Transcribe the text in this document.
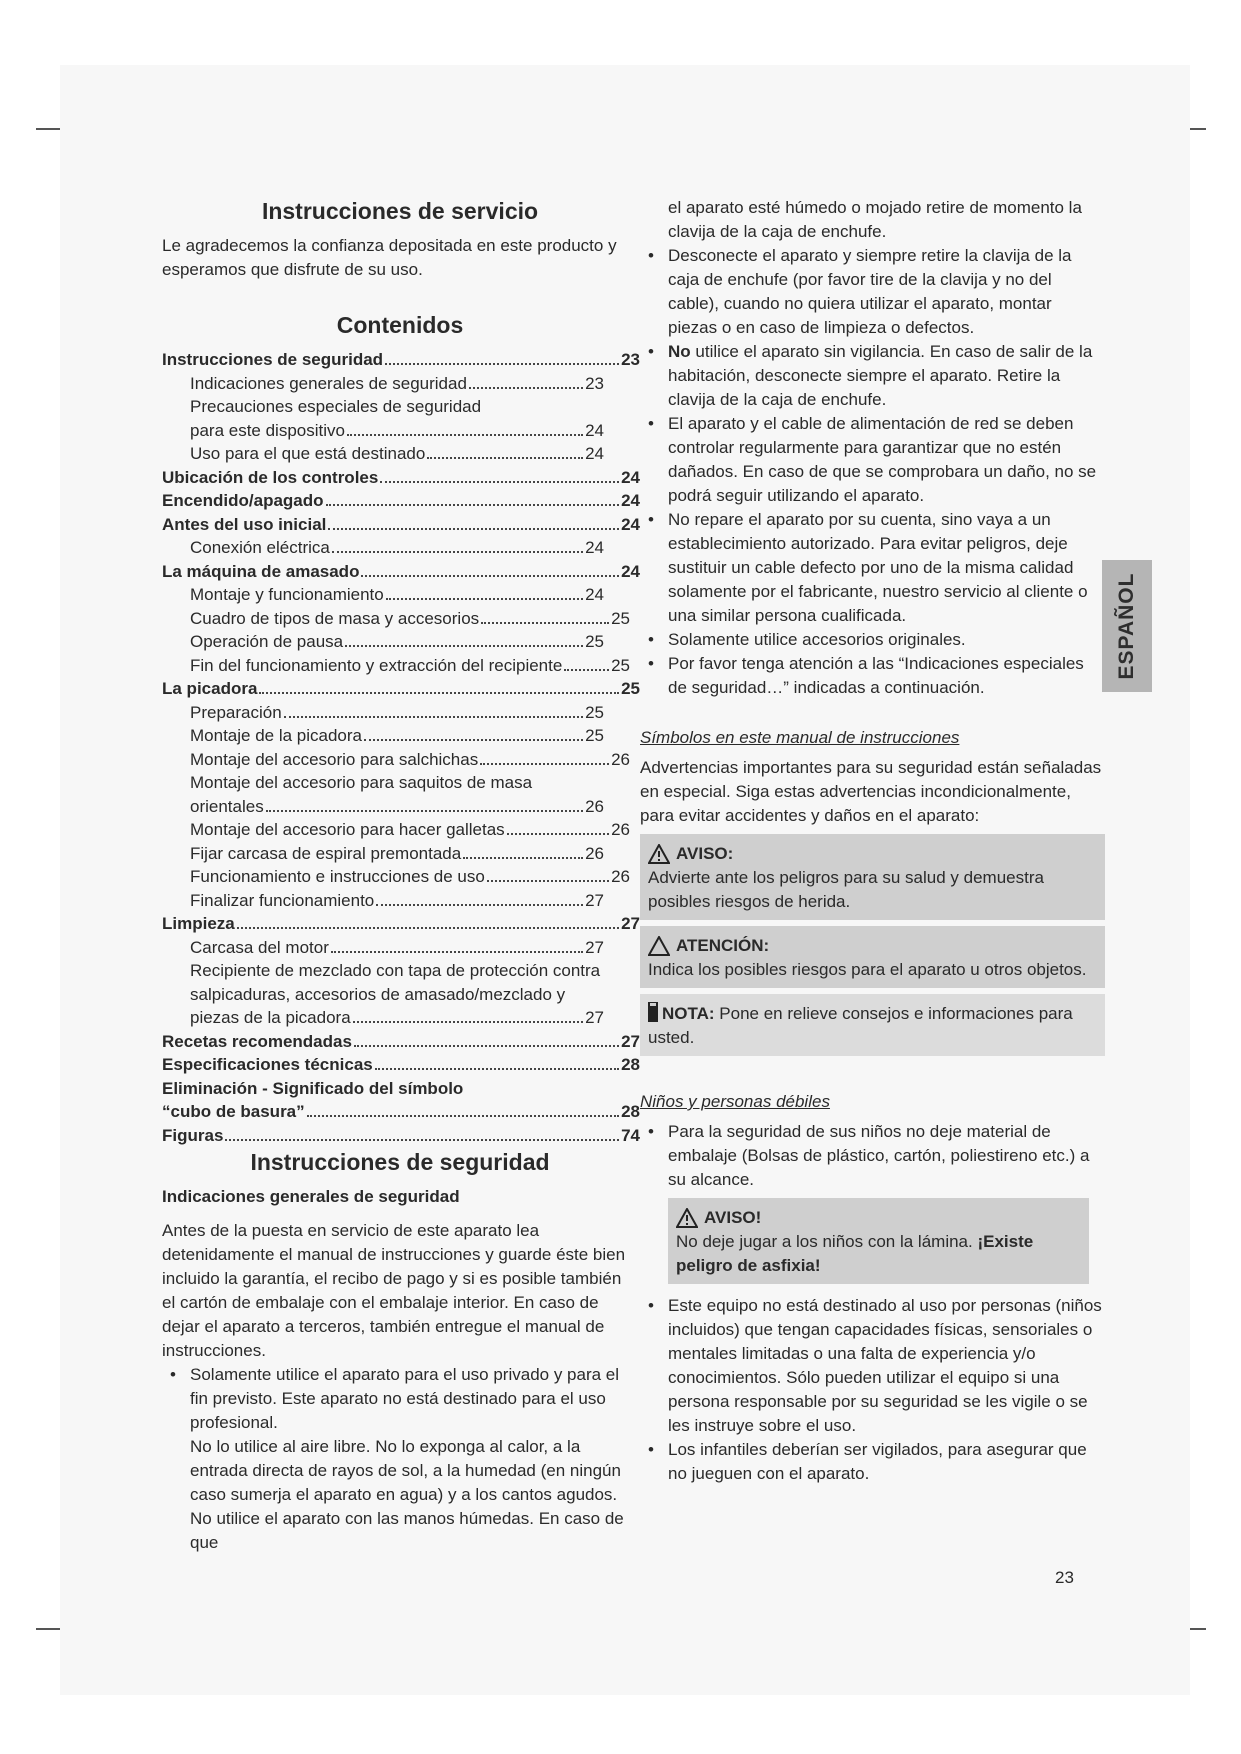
Instrucciones de servicio

Le agradecemos la confianza depositada en este producto y esperamos que disfrute de su uso.

Contenidos
Instrucciones de seguridad	23
Indicaciones generales de seguridad	23
Precauciones especiales de seguridad
para este dispositivo	24
Uso para el que está destinado	24
Ubicación de los controles	24
Encendido/apagado	24
Antes del uso inicial	24
Conexión eléctrica	24
La máquina de amasado	24
Montaje y funcionamiento	24
Cuadro de tipos de masa y accesorios	25
Operación de pausa	25
Fin del funcionamiento y extracción del recipiente	25
La picadora	25
Preparación	25
Montaje de la picadora	25
Montaje del accesorio para salchichas	26
Montaje del accesorio para saquitos de masa
orientales	26
Montaje del accesorio para hacer galletas	26
Fijar carcasa de espiral premontada	26
Funcionamiento e instrucciones de uso	26
Finalizar funcionamiento	27
Limpieza	27
Carcasa del motor	27
Recipiente de mezclado con tapa de protección contra
salpicaduras, accesorios de amasado/mezclado y
piezas de la picadora	27
Recetas recomendadas	27
Especificaciones técnicas	28
Eliminación - Significado del símbolo
“cubo de basura”	28
Figuras	74
Instrucciones de seguridad

Indicaciones generales de seguridad

Antes de la puesta en servicio de este aparato lea detenidamente el manual de instrucciones y guarde éste bien incluido la garantía, el recibo de pago y si es posible también el cartón de embalaje con el embalaje interior. En caso de dejar el aparato a terceros, también entregue el manual de instrucciones.

• Solamente utilice el aparato para el uso privado y para el fin previsto. Este aparato no está destinado para el uso profesional.

No lo utilice al aire libre. No lo exponga al calor, a la entrada directa de rayos de sol, a la humedad (en ningún caso sumerja el aparato en agua) y a los cantos agudos. No utilice el aparato con las manos húmedas. En caso de que

el aparato esté húmedo o mojado retire de momento la clavija de la caja de enchufe.

• Desconecte el aparato y siempre retire la clavija de la caja de enchufe (por favor tire de la clavija y no del cable), cuando no quiera utilizar el aparato, montar piezas o en caso de limpieza o defectos.
• No utilice el aparato sin vigilancia. En caso de salir de la habitación, desconecte siempre el aparato. Retire la clavija de la caja de enchufe.
• El aparato y el cable de alimentación de red se deben controlar regularmente para garantizar que no estén dañados. En caso de que se comprobara un daño, no se podrá seguir utilizando el aparato.
• No repare el aparato por su cuenta, sino vaya a un establecimiento autorizado. Para evitar peligros, deje sustituir un cable defecto por uno de la misma calidad solamente por el fabricante, nuestro servicio al cliente o una similar persona cualificada.
• Solamente utilice accesorios originales.
• Por favor tenga atención a las “Indicaciones especiales de seguridad…” indicadas a continuación.

Símbolos en este manual de instrucciones

Advertencias importantes para su seguridad están señaladas en especial. Siga estas advertencias incondicionalmente, para evitar accidentes y daños en el aparato:

AVISO:

Advierte ante los peligros para su salud y demuestra posibles riesgos de herida.

ATENCIÓN:

Indica los posibles riesgos para el aparato u otros objetos.

NOTA: Pone en relieve consejos e informaciones para usted.

Niños y personas débiles

• Para la seguridad de sus niños no deje material de embalaje (Bolsas de plástico, cartón, poliestireno etc.) a su alcance.
AVISO!

No deje jugar a los niños con la lámina. ¡Existe peligro de asfixia!

• Este equipo no está destinado al uso por personas (niños incluidos) que tengan capacidades físicas, sensoriales o mentales limitadas o una falta de experiencia y/o conocimientos. Sólo pueden utilizar el equipo si una persona responsable por su seguridad se les vigile o se les instruye sobre el uso.
• Los infantiles deberían ser vigilados, para asegurar que no jueguen con el aparato.
ESPAÑOL
23
